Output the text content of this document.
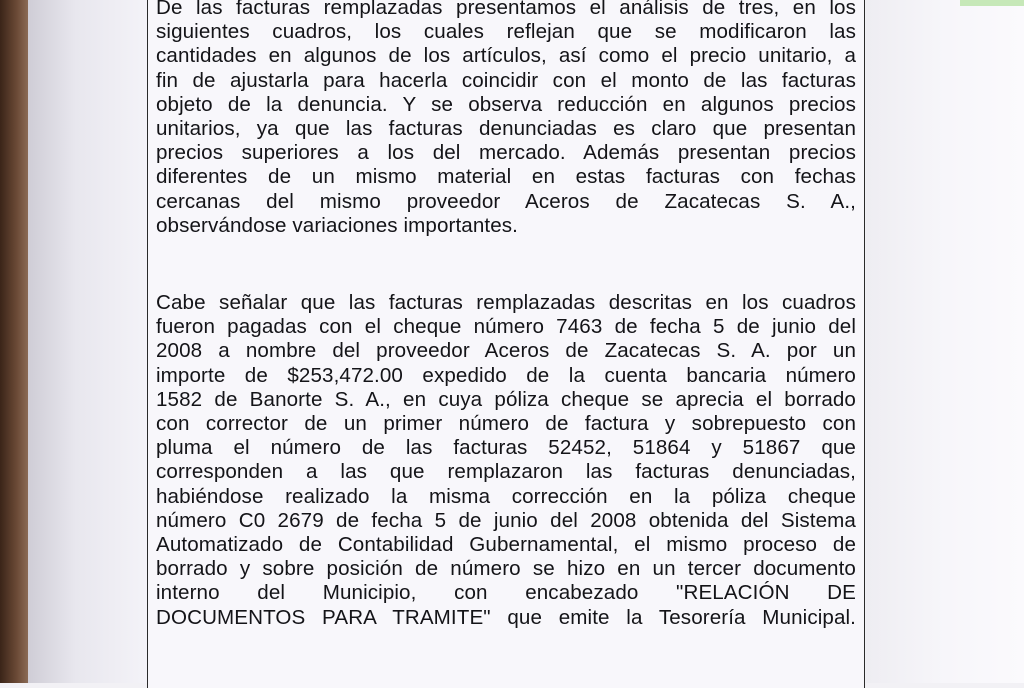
De las facturas remplazadas presentamos el análisis de tres, en los
siguientes cuadros, los cuales reflejan que se modificaron las
cantidades en algunos de los artículos, así como el precio unitario, a
fin de ajustarla para hacerla coincidir con el monto de las facturas
objeto de la denuncia. Y se observa reducción en algunos precios
unitarios, ya que las facturas denunciadas es claro que presentan
precios superiores a los del mercado. Además presentan precios
diferentes de un mismo material en estas facturas con fechas
cercanas del mismo proveedor Aceros de Zacatecas S. A.,
observándose variaciones importantes.
Cabe señalar que las facturas remplazadas descritas en los cuadros
fueron pagadas con el cheque número 7463 de fecha 5 de junio del
2008 a nombre del proveedor Aceros de Zacatecas S. A. por un
importe de $253,472.00 expedido de la cuenta bancaria número
1582 de Banorte S. A., en cuya póliza cheque se aprecia el borrado
con corrector de un primer número de factura y sobrepuesto con
pluma el número de las facturas 52452, 51864 y 51867 que
corresponden a las que remplazaron las facturas denunciadas,
habiéndose realizado la misma corrección en la póliza cheque
número C0 2679 de fecha 5 de junio del 2008 obtenida del Sistema
Automatizado de Contabilidad Gubernamental, el mismo proceso de
borrado y sobre posición de número se hizo en un tercer documento
interno del Municipio, con encabezado "RELACIÓN DE
DOCUMENTOS PARA TRAMITE" que emite la Tesorería Municipal.
